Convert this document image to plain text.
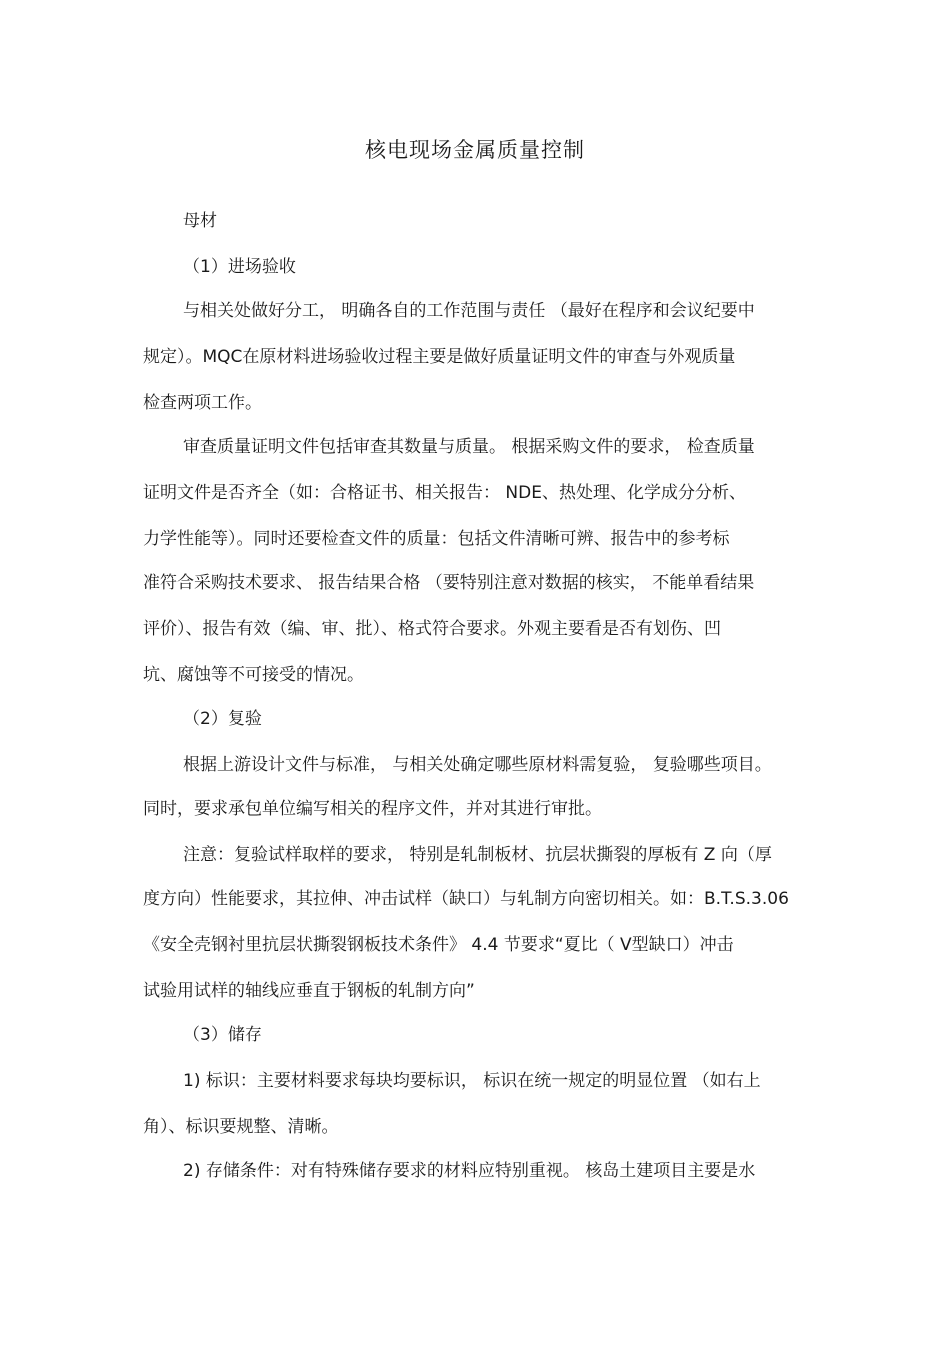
核电现场金属质量控制
母材
（1）进场验收
与相关处做好分工， 明确各自的工作范围与责任 （最好在程序和会议纪要中
规定）。MQC在原材料进场验收过程主要是做好质量证明文件的审查与外观质量
检查两项工作。
审查质量证明文件包括审查其数量与质量。 根据采购文件的要求， 检查质量
证明文件是否齐全（如：合格证书、相关报告： NDE、热处理、化学成分分析、
力学性能等）。同时还要检查文件的质量：包括文件清晰可辨、报告中的参考标
准符合采购技术要求、 报告结果合格 （要特别注意对数据的核实， 不能单看结果
评价）、报告有效（编、审、批）、格式符合要求。外观主要看是否有划伤、凹
坑、腐蚀等不可接受的情况。
（2）复验
根据上游设计文件与标准， 与相关处确定哪些原材料需复验， 复验哪些项目。
同时，要求承包单位编写相关的程序文件，并对其进行审批。
注意：复验试样取样的要求， 特别是轧制板材、抗层状撕裂的厚板有 Z 向（厚
度方向）性能要求，其拉伸、冲击试样（缺口）与轧制方向密切相关。如：B.T.S.3.06
《安全壳钢衬里抗层状撕裂钢板技术条件》 4.4 节要求“夏比（ V型缺口）冲击
试验用试样的轴线应垂直于钢板的轧制方向”
（3）储存
1) 标识：主要材料要求每块均要标识， 标识在统一规定的明显位置 （如右上
角）、标识要规整、清晰。
2) 存储条件：对有特殊储存要求的材料应特别重视。 核岛土建项目主要是水
